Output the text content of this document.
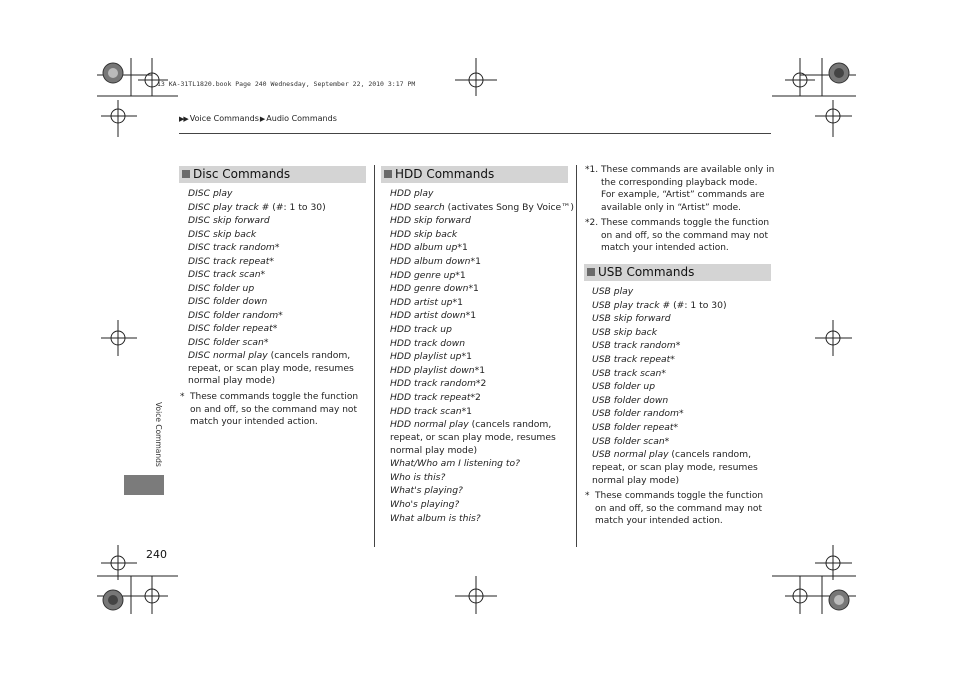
13 KA-31TL1820.book Page 240 Wednesday, September 22, 2010 3:17 PM
▶▶ Voice Commands▶ Audio Commands
Disc Commands
DISC play
DISC play track # (#: 1 to 30)
DISC skip forward
DISC skip back
DISC track random*
DISC track repeat*
DISC track scan*
DISC folder up
DISC folder down
DISC folder random*
DISC folder repeat*
DISC folder scan*
DISC normal play (cancels random,
repeat, or scan play mode, resumes
normal play mode)
* These commands toggle the function
on and off, so the command may not
match your intended action.
HDD Commands
HDD play
HDD search (activates Song By Voice™)
HDD skip forward
HDD skip back
HDD album up*1
HDD album down*1
HDD genre up*1
HDD genre down*1
HDD artist up*1
HDD artist down*1
HDD track up
HDD track down
HDD playlist up*1
HDD playlist down*1
HDD track random*2
HDD track repeat*2
HDD track scan*1
HDD normal play (cancels random,
repeat, or scan play mode, resumes
normal play mode)
What/Who am I listening to?
Who is this?
What's playing?
Who's playing?
What album is this?
*1. These commands are available only in
the corresponding playback mode.
For example, “Artist” commands are
available only in “Artist” mode.
*2. These commands toggle the function
on and off, so the command may not
match your intended action.
USB Commands
USB play
USB play track # (#: 1 to 30)
USB skip forward
USB skip back
USB track random*
USB track repeat*
USB track scan*
USB folder up
USB folder down
USB folder random*
USB folder repeat*
USB folder scan*
USB normal play (cancels random,
repeat, or scan play mode, resumes
normal play mode)
* These commands toggle the function
on and off, so the command may not
match your intended action.
Voice Commands
240
